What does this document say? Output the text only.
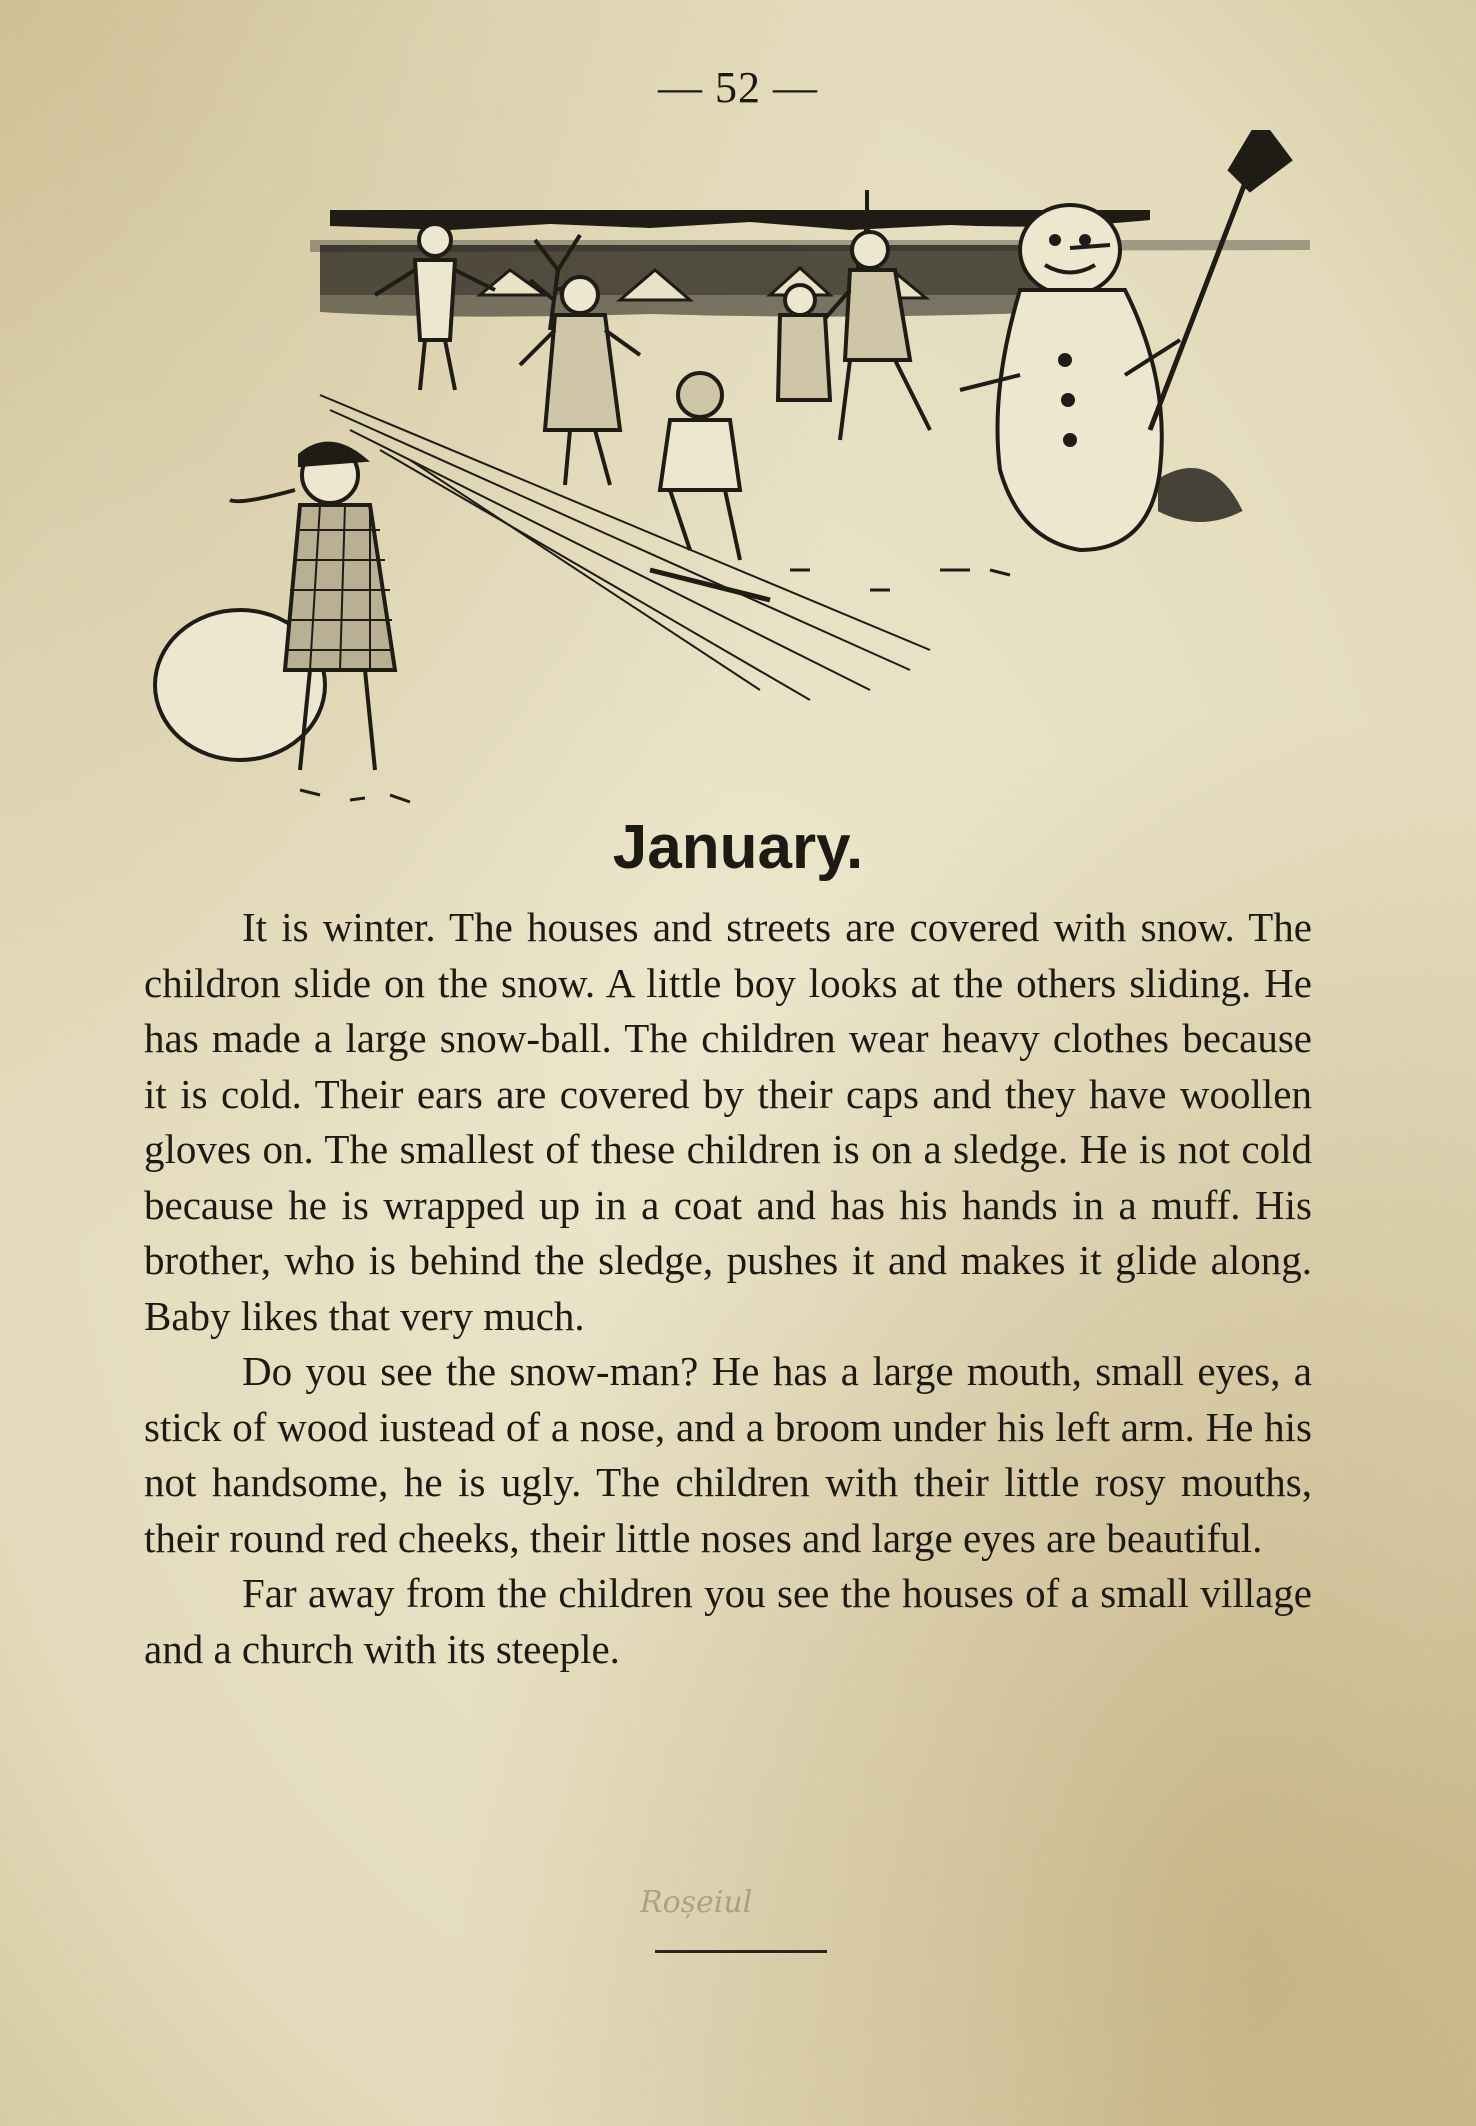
— 52 —
January.

It is winter. The houses and streets are covered with snow. The childron slide on the snow. A little boy looks at the others sliding. He has made a large snow-ball. The children wear heavy clothes because it is cold. Their ears are covered by their caps and they have woollen gloves on. The smallest of these children is on a sledge. He is not cold because he is wrapped up in a coat and has his hands in a muff. His brother, who is behind the sledge, pushes it and makes it glide along. Baby likes that very much.

Do you see the snow-man? He has a large mouth, small eyes, a stick of wood iustead of a nose, and a broom under his left arm. He his not handsome, he is ugly. The children with their little rosy mouths, their round red cheeks, their little noses and large eyes are beautiful.

Far away from the children you see the houses of a small village and a church with its steeple.

Roșeiul
